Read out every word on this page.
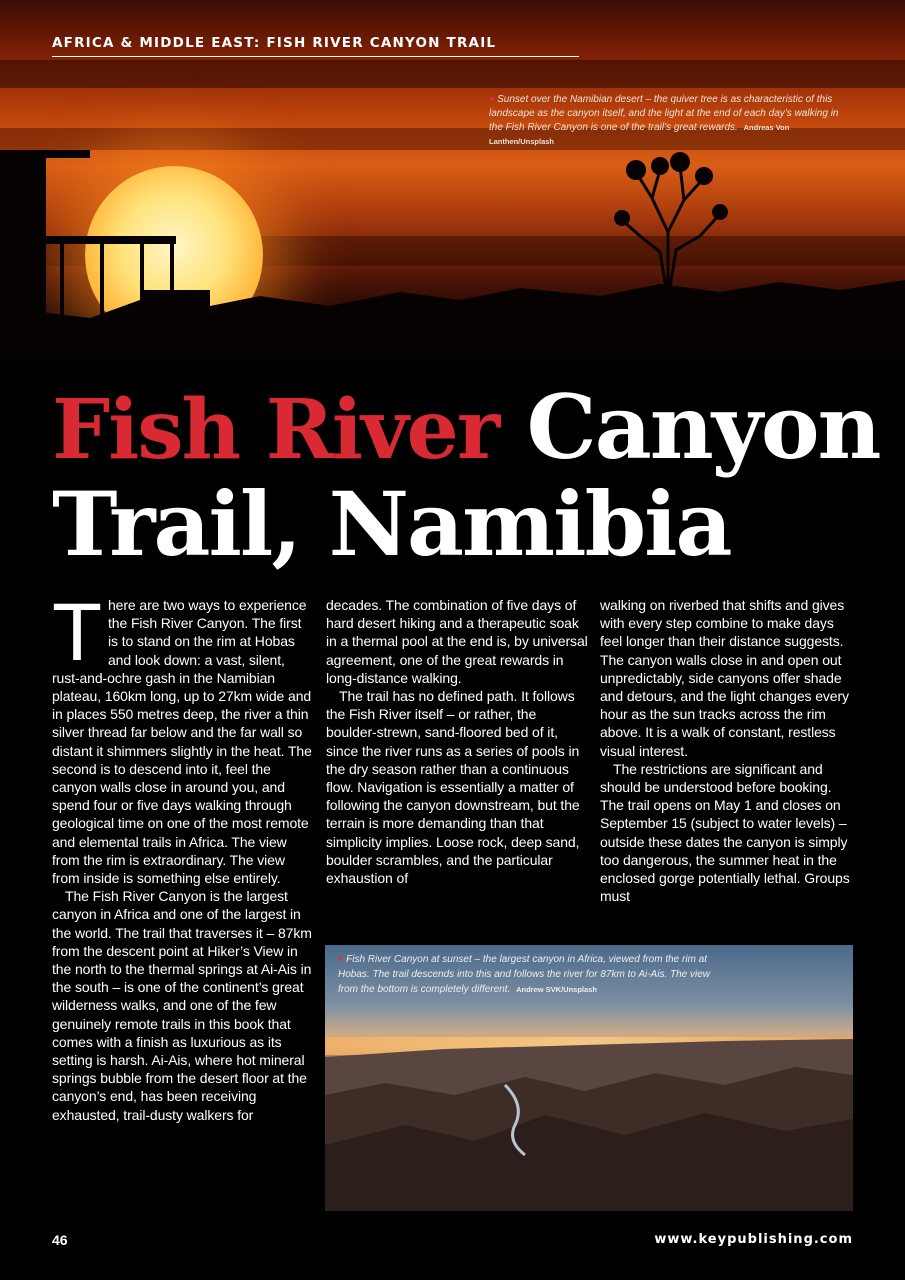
AFRICA & MIDDLE EAST: FISH RIVER CANYON TRAIL
♥ Sunset over the Namibian desert – the quiver tree is as characteristic of this landscape as the canyon itself, and the light at the end of each day’s walking in the Fish River Canyon is one of the trail’s great rewards. Andreas Von Lanthen/Unsplash
Fish River Canyon
Trail, Namibia

There are two ways to experience the Fish River Canyon. The first is to stand on the rim at Hobas and look down: a vast, silent, rust-and-ochre gash in the Namibian plateau, 160km long, up to 27km wide and in places 550 metres deep, the river a thin silver thread far below and the far wall so distant it shimmers slightly in the heat. The second is to descend into it, feel the canyon walls close in around you, and spend four or five days walking through geological time on one of the most remote and elemental trails in Africa. The view from the rim is extraordinary. The view from inside is something else entirely.

The Fish River Canyon is the largest canyon in Africa and one of the largest in the world. The trail that traverses it – 87km from the descent point at Hiker’s View in the north to the thermal springs at Ai-Ais in the south – is one of the continent’s great wilderness walks, and one of the few genuinely remote trails in this book that comes with a finish as luxurious as its setting is harsh. Ai-Ais, where hot mineral springs bubble from the desert floor at the canyon’s end, has been receiving exhausted, trail-dusty walkers for

decades. The combination of five days of hard desert hiking and a therapeutic soak in a thermal pool at the end is, by universal agreement, one of the great rewards in long-distance walking.

The trail has no defined path. It follows the Fish River itself – or rather, the boulder-strewn, sand-floored bed of it, since the river runs as a series of pools in the dry season rather than a continuous flow. Navigation is essentially a matter of following the canyon downstream, but the terrain is more demanding than that simplicity implies. Loose rock, deep sand, boulder scrambles, and the particular exhaustion of

walking on riverbed that shifts and gives with every step combine to make days feel longer than their distance suggests. The canyon walls close in and open out unpredictably, side canyons offer shade and detours, and the light changes every hour as the sun tracks across the rim above. It is a walk of constant, restless visual interest.

The restrictions are significant and should be understood before booking. The trail opens on May 1 and closes on September 15 (subject to water levels) – outside these dates the canyon is simply too dangerous, the summer heat in the enclosed gorge potentially lethal. Groups must

♥ Fish River Canyon at sunset – the largest canyon in Africa, viewed from the rim at Hobas. The trail descends into this and follows the river for 87km to Ai-Ais. The view from the bottom is completely different. Andrew SVK/Unsplash
46	www.keypublishing.com
